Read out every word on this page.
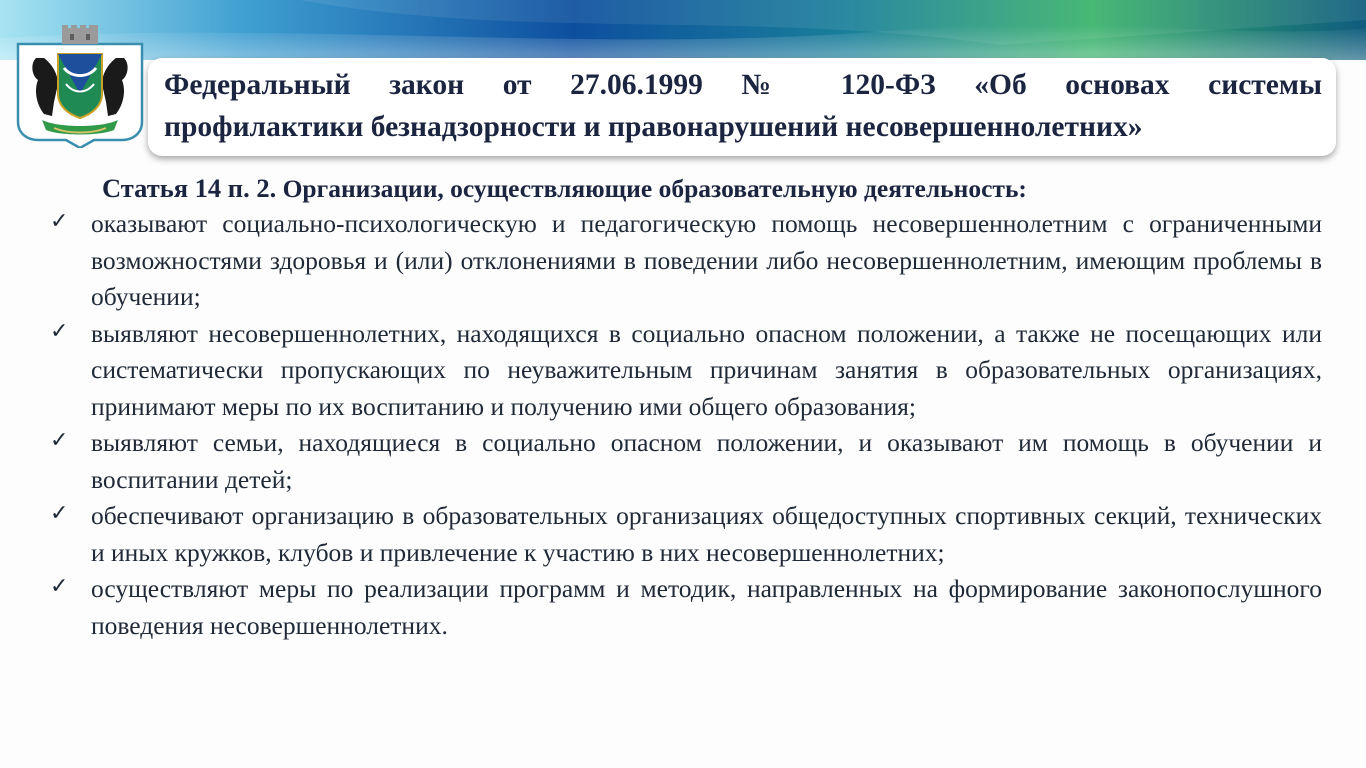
Федеральный закон от 27.06.1999 № 120-ФЗ «Об основах системы
профилактики безнадзорности и правонарушений несовершеннолетних»
Статья 14 п. 2. Организации, осуществляющие образовательную деятельность:
✓ оказывают социально-психологическую и педагогическую помощь несовершеннолетним с ограниченными возможностями здоровья и (или) отклонениями в поведении либо несовершеннолетним, имеющим проблемы в обучении;
✓ выявляют несовершеннолетних, находящихся в социально опасном положении, а также не посещающих или систематически пропускающих по неуважительным причинам занятия в образовательных организациях, принимают меры по их воспитанию и получению ими общего образования;
✓ выявляют семьи, находящиеся в социально опасном положении, и оказывают им помощь в обучении и воспитании детей;
✓ обеспечивают организацию в образовательных организациях общедоступных спортивных секций, технических и иных кружков, клубов и привлечение к участию в них несовершеннолетних;
✓ осуществляют меры по реализации программ и методик, направленных на формирование законопослушного поведения несовершеннолетних.
